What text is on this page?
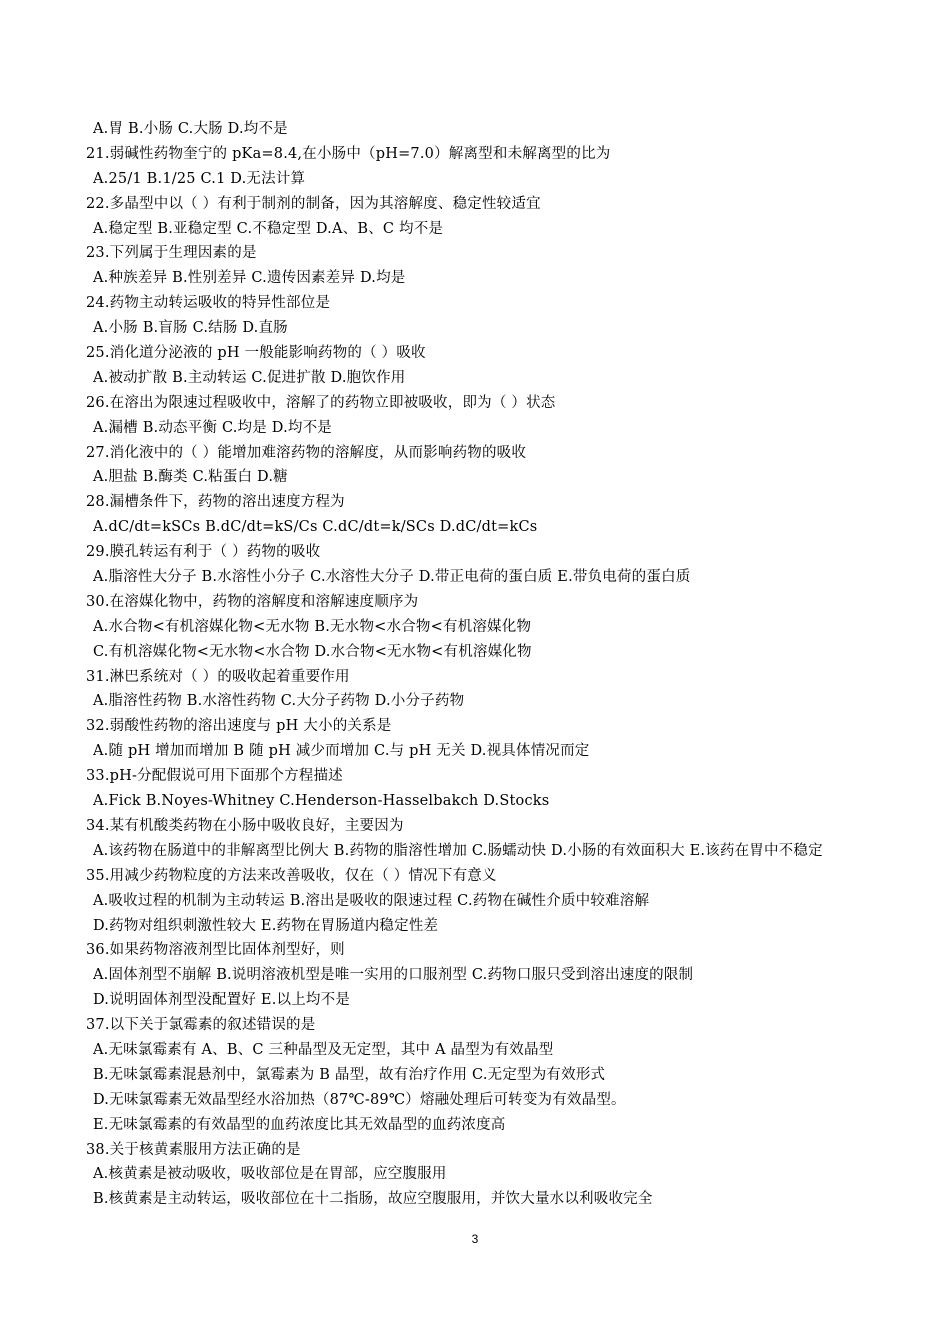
A.胃 B.小肠 C.大肠 D.均不是
21.弱碱性药物奎宁的 pKa=8.4,在小肠中（pH=7.0）解离型和未解离型的比为
A.25/1 B.1/25 C.1 D.无法计算
22.多晶型中以（ ）有利于制剂的制备，因为其溶解度、稳定性较适宜
A.稳定型 B.亚稳定型 C.不稳定型 D.A、B、C 均不是
23.下列属于生理因素的是
A.种族差异 B.性别差异 C.遗传因素差异 D.均是
24.药物主动转运吸收的特异性部位是
A.小肠 B.盲肠 C.结肠 D.直肠
25.消化道分泌液的 pH 一般能影响药物的（ ）吸收
A.被动扩散 B.主动转运 C.促进扩散 D.胞饮作用
26.在溶出为限速过程吸收中，溶解了的药物立即被吸收，即为（ ）状态
A.漏槽 B.动态平衡 C.均是 D.均不是
27.消化液中的（ ）能增加难溶药物的溶解度，从而影响药物的吸收
A.胆盐 B.酶类 C.粘蛋白 D.糖
28.漏槽条件下，药物的溶出速度方程为
A.dC/dt=kSCs B.dC/dt=kS/Cs C.dC/dt=k/SCs D.dC/dt=kCs
29.膜孔转运有利于（ ）药物的吸收
A.脂溶性大分子 B.水溶性小分子 C.水溶性大分子 D.带正电荷的蛋白质 E.带负电荷的蛋白质
30.在溶媒化物中，药物的溶解度和溶解速度顺序为
A.水合物<有机溶媒化物<无水物 B.无水物<水合物<有机溶媒化物
C.有机溶媒化物<无水物<水合物 D.水合物<无水物<有机溶媒化物
31.淋巴系统对（ ）的吸收起着重要作用
A.脂溶性药物 B.水溶性药物 C.大分子药物 D.小分子药物
32.弱酸性药物的溶出速度与 pH 大小的关系是
A.随 pH 增加而增加 B 随 pH 减少而增加 C.与 pH 无关 D.视具体情况而定
33.pH-分配假说可用下面那个方程描述
A.Fick B.Noyes-Whitney C.Henderson-Hasselbakch D.Stocks
34.某有机酸类药物在小肠中吸收良好，主要因为
A.该药物在肠道中的非解离型比例大 B.药物的脂溶性增加 C.肠蠕动快 D.小肠的有效面积大 E.该药在胃中不稳定
35.用减少药物粒度的方法来改善吸收，仅在（ ）情况下有意义
A.吸收过程的机制为主动转运 B.溶出是吸收的限速过程 C.药物在碱性介质中较难溶解
D.药物对组织刺激性较大 E.药物在胃肠道内稳定性差
36.如果药物溶液剂型比固体剂型好，则
A.固体剂型不崩解 B.说明溶液机型是唯一实用的口服剂型 C.药物口服只受到溶出速度的限制
D.说明固体剂型没配置好 E.以上均不是
37.以下关于氯霉素的叙述错误的是
A.无味氯霉素有 A、B、C 三种晶型及无定型，其中 A 晶型为有效晶型
B.无味氯霉素混悬剂中，氯霉素为 B 晶型，故有治疗作用 C.无定型为有效形式
D.无味氯霉素无效晶型经水浴加热（87℃-89℃）熔融处理后可转变为有效晶型。
E.无味氯霉素的有效晶型的血药浓度比其无效晶型的血药浓度高
38.关于核黄素服用方法正确的是
A.核黄素是被动吸收，吸收部位是在胃部，应空腹服用
B.核黄素是主动转运，吸收部位在十二指肠，故应空腹服用，并饮大量水以利吸收完全
3
